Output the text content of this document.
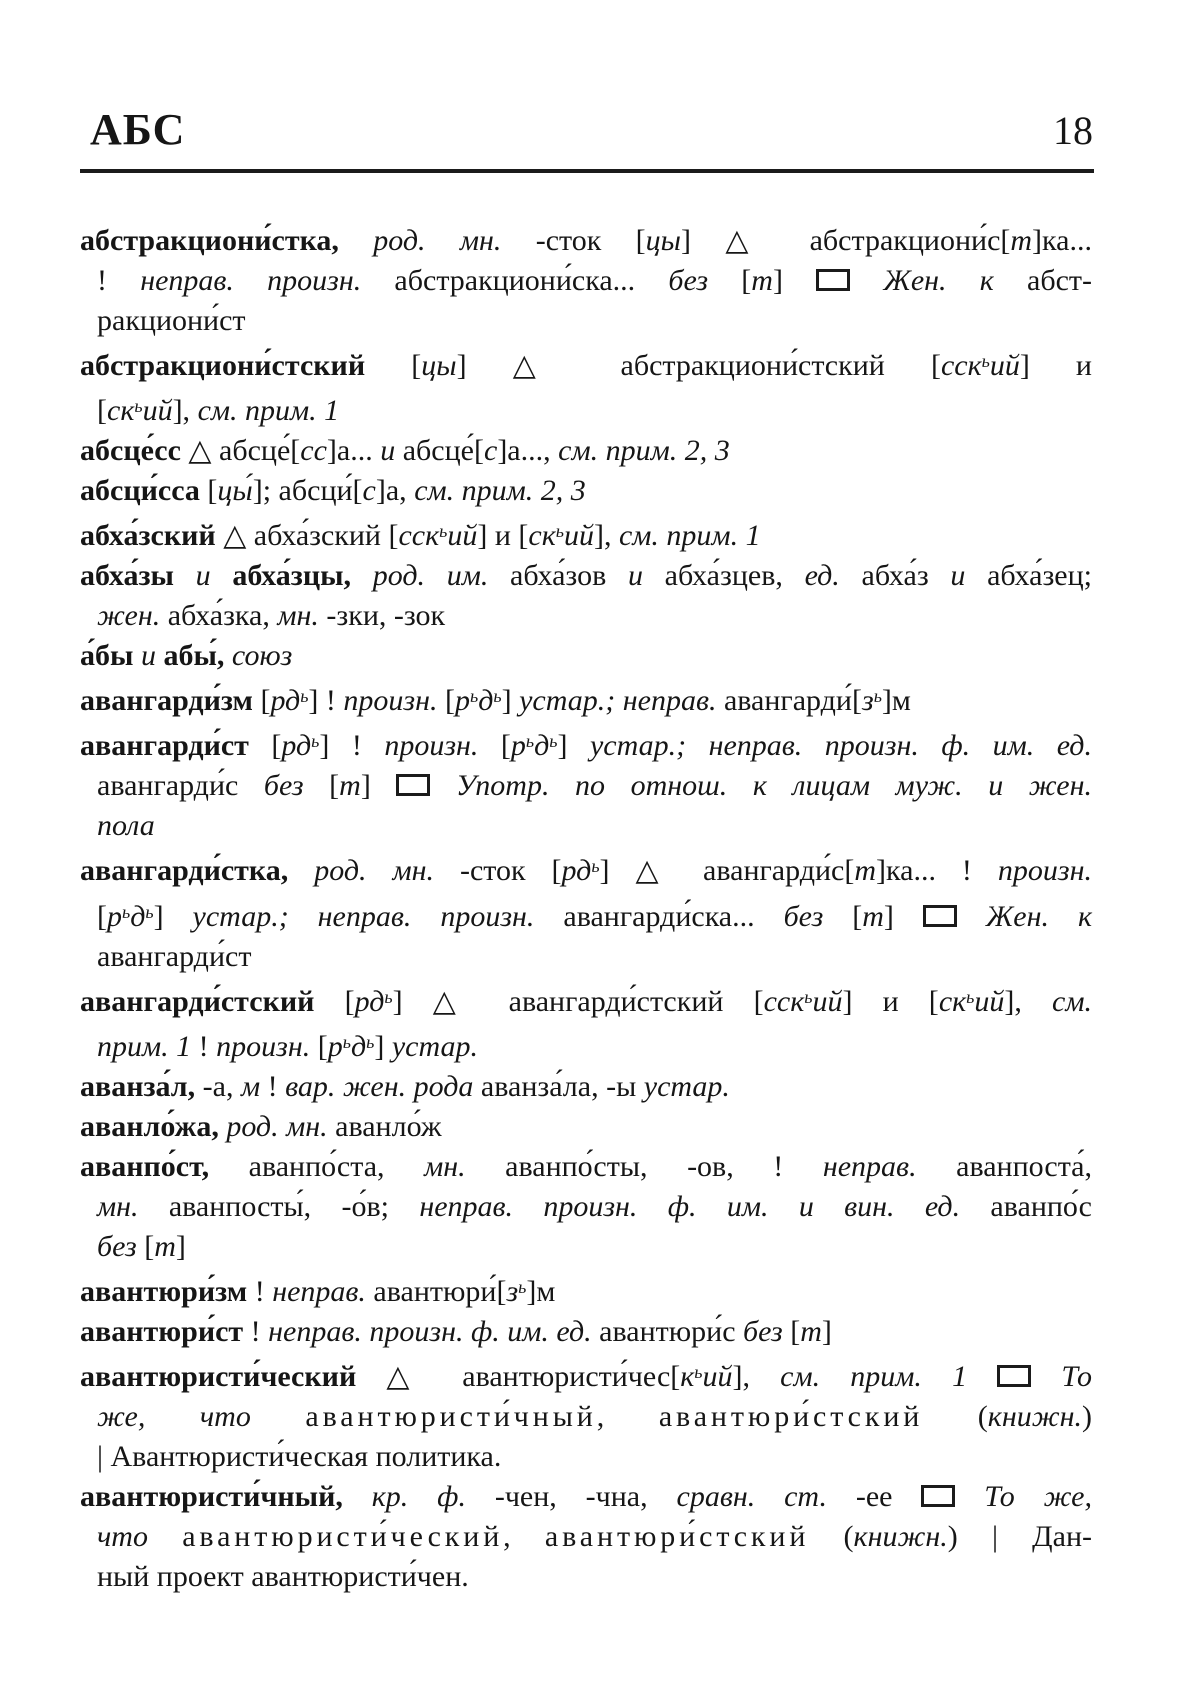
АБС	18
абстракциони́стка, род. мн. -сток [цы] △ абстракциони́с[т]ка...
! неправ. произн. абстракциони́ска... без [т]  Жен. к абст-
ракциони́ст
абстракциони́стский [цы] △ абстракциони́стский [сск$^ь$ий] и
$[ск^ьий]$, см. прим. 1
абсце́сс △ абсце́[сс]а... и абсце́[с]а..., см. прим. 2, 3
абсци́сса [цы́]; абсци́[с]а, см. прим. 2, 3
абха́зский △ абха́зский [сск$^ь$ий] и $[ск^ьий]$, см. прим. 1
абха́зы и абха́зцы, род. им. абха́зов и абха́зцев, ед. абха́з и абха́зец;
жен. абха́зка, мн. -зки, -зок
а́бы и абы́, союз
авангарди́зм $[рд^ь]$ ! произн. $[р^ьд^ь]$ устар.; неправ. $авангарди́[з^ь]м$
авангарди́ст $[рд^ь]$ ! произн. $[р^ьд^ь]$ устар.; неправ. произн. ф. им. ед.
авангарди́с без [т]  Употр. по отнош. к лицам муж. и жен.
пола
авангарди́стка, род. мн. -сток $[рд^ь]$ △ авангарди́с[т]ка... ! произн.
$[р^ьд^ь]$ устар.; неправ. произн. авангарди́ска... без [т]  Жен. к
авангарди́ст
авангарди́стский $[рд^ь]$ △ авангарди́стский [сск$^ь$ий] и $[ск^ьий]$, см.
прим. 1 ! произн. $[р^ьд^ь]$ устар.
аванза́л, -а, м ! вар. жен. рода аванза́ла, -ы устар.
аванло́жа, род. мн. аванло́ж
аванпо́ст, аванпо́ста, мн. аванпо́сты, -ов, ! неправ. аванпоста́,
мн. аванпосты́, -о́в; неправ. произн. ф. им. и вин. ед. аванпо́с
без [т]
авантюри́зм ! неправ. $авантюри́[з^ь]м$
авантюри́ст ! неправ. произн. ф. им. ед. авантюри́с без [т]
авантюристи́ческий △ $авантюристи́чес[к^ьий]$, см. прим. 1  То
же, что авантюристи́чный, авантюри́стский (книжн.)
| Авантюристи́ческая политика.
авантюристи́чный, кр. ф. -чен, -чна, сравн. ст. -ее  То же,
что авантюристи́ческий, авантюри́стский (книжн.) | Дан-
ный проект авантюристи́чен.
